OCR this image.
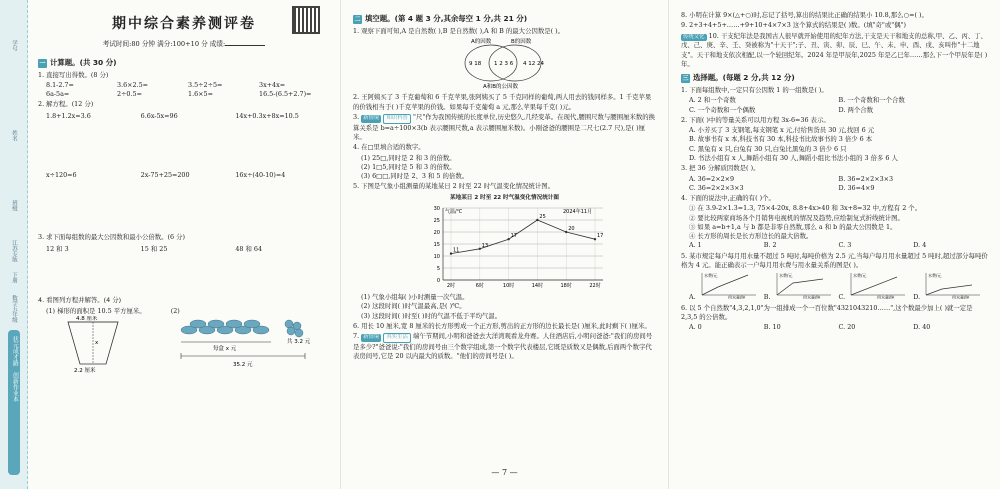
学号
姓名
班级
江苏专版
下册
数学五年级
状元成才路
创新作业本
期中综合素养测评卷
考试时间:80 分钟 满分:100+10 分 成绩:
一 计算题。(共 30 分)
1. 直接写出得数。(8 分)
8.1-2.7=	3.6×2.5=	3.5÷2÷5=	3x+4x=
6a-5a=	2÷0.5=	1.6×5=	16.5-(6.5+2.7)=
2. 解方程。(12 分)
1.8+1.2x=3.6	6.6x-5x=96	14x+0.3x+8x=10.5
x÷120=6	2x-75+25=200	16x÷(40-10)=4
3. 求下面每组数的最大公因数和最小公倍数。(6 分)
12 和 3	15 和 25	48 和 64
4. 看图列方程并解答。(4 分)
(1) 梯形的面积是 10.5 平方厘米。
4.8 厘米
x
2.2 厘米
(2)
每盒 x 元
共 3.2 元
35.2 元
二 填空题。(第 4 题 3 分,其余每空 1 分,共 21 分)
1. 观察下面可知,A 是自然数( ),B 是自然数( ),A 和 B 的最大公因数是( )。
A的因数	B的因数
9 18 1 2 3 6 4 12 24
A和B的公因数
2. 王阿姨买了 3 千克葡萄和 6 千克苹果,张阿姨买了 5 千克同样的葡萄,两人用去的钱同样多。1 千克苹果的价钱相当于( )千克苹果的价钱。如果每千克葡萄 a 元,那么苹果每千克( )元。
3. 新情境 知识科普 "尺"作为我国传统的长度单位,历史悠久,几经变革。在现代,腰围尺数与腰围厘米数的换算关系是 b=a÷100×3(b 表示腰围尺数,a 表示腰围厘米数)。小刚爸爸的腰围是二尺七(2.7 尺),是( )厘米。
4. 在□里填合适的数字。
(1) 25□,同时是 2 和 3 的倍数。
(2) 1□5,同时是 5 和 3 的倍数。
(3) 6□□,同时是 2、3 和 5 的倍数。
5. 下图是气象小组测量的某地某日 2 时至 22 时气温变化情况统计图。
某地某日 2 时至 22 时气温变化情况统计图
0
5
10
15
20
25
30
2时	6时	10时	14时	18时	22时
气温/℃	2024年11月
11
13
17
25
20
17
(1) 气象小组每( )小时测量一次气温。
(2) 这段时间( )时气温最高,是( )℃。
(3) 这段时间( )时至( )时的气温不低于平均气温。
6. 用长 10 厘米,宽 8 厘米的长方形剪成一个正方形,剪出的正方形的边长最长是( )厘米,此时剩下( )厘米。
7. 新情境 其实生活 端午节期间,小明和爸爸去大洋湾观看龙舟赛。人住酒店后,小明问爸爸:"我们的房间号是多少?"爸爸说:"我们的房间号由三个数字组成,第一个数字代表楼层,它既是质数又是偶数,后面两个数字代表房间号,它是 20 以内最大的质数。"他们的房间号是( )。
— 7 —
8. 小明在计算 9×(△+○)时,忘记了括号,算出的结果比正确的结果小 10.8,那么○=( )。
9. 2+3+4+5+……+9+10+4×7×3 这个算式的结果是( )数。(填"奇"或"偶")
传统文化 10. 干支纪年法是我国古人很早就开始使用的纪年方法,干支是天干和地支的总称,甲、乙、丙、丁、戊、己、庚、辛、壬、癸被称为"十天干";子、丑、寅、卯、辰、巳、午、未、申、酉、戌、亥叫作"十二地支"。天干和地支依次相配,以一个轮回纪年。2024 年是甲辰年,2025 年是乙巳年……那么下一个甲辰年是( )年。
三 选择题。(每题 2 分,共 12 分)
1. 下面每组数中,一定只有公因数 1 的一组数是( )。
A. 2 和一个奇数	B. 一个奇数和一个合数
C. 一个奇数和一个偶数	D. 两个合数
2. 下面( )中的等量关系可以用方程 3x-6=36 表示。
A. 小芳买了 3 支钢笔,每支钢笔 x 元,付给售货员 30 元,找回 6 元
B. 故事书有 x 本,科技书有 30 本,科技书比故事书的 3 倍少 6 本
C. 黑兔有 x 只,白兔有 30 只,白兔比黑兔的 3 倍少 6 只
D. 书法小组有 x 人,舞蹈小组有 30 人,舞蹈小组比书法小组的 3 倍多 6 人
3. 把 36 分解质因数是( )。
A. 36=2×2×9	B. 36=2×2×3×3
C. 36=2×2×3×3	D. 36=4×9
4. 下面的说法中,正确的有( )个。
① 在 3.9-2×1.3=1.3, 75×4-20x, 8.8+4x>40 和 3x+8=32 中,方程有 2 个。
② 要比较两家商场各个月销售电视机的情况及趋势,应绘制复式折线统计图。
③ 如果 a=b+1,a 与 b 都是非零自然数,那么 a 和 b 的最大公因数是 1。
④ 长方形的周长是长方形边长的最大倍数。
A. 1	B. 2	C. 3	D. 4
5. 某市规定每户每月用水量不超过 5 吨时,每吨价格为 2.5 元,当每户每月用水量超过 5 吨时,超过部分每吨价格为 4 元。能正确表示一户每月用水费与用水量关系的图是( )。
A.
水费/元
用水量/吨	B.
水费/元
用水量/吨	C.
水费/元
用水量/吨	D.
水费/元
用水量/吨
6. 以 5 个自然数"4,3,2,1,0"为一组排成一个一百位数"4321043210……",这个数最少加上( )就一定是 2,3,5 的公倍数。
A. 0	B. 10	C. 20	D. 40
